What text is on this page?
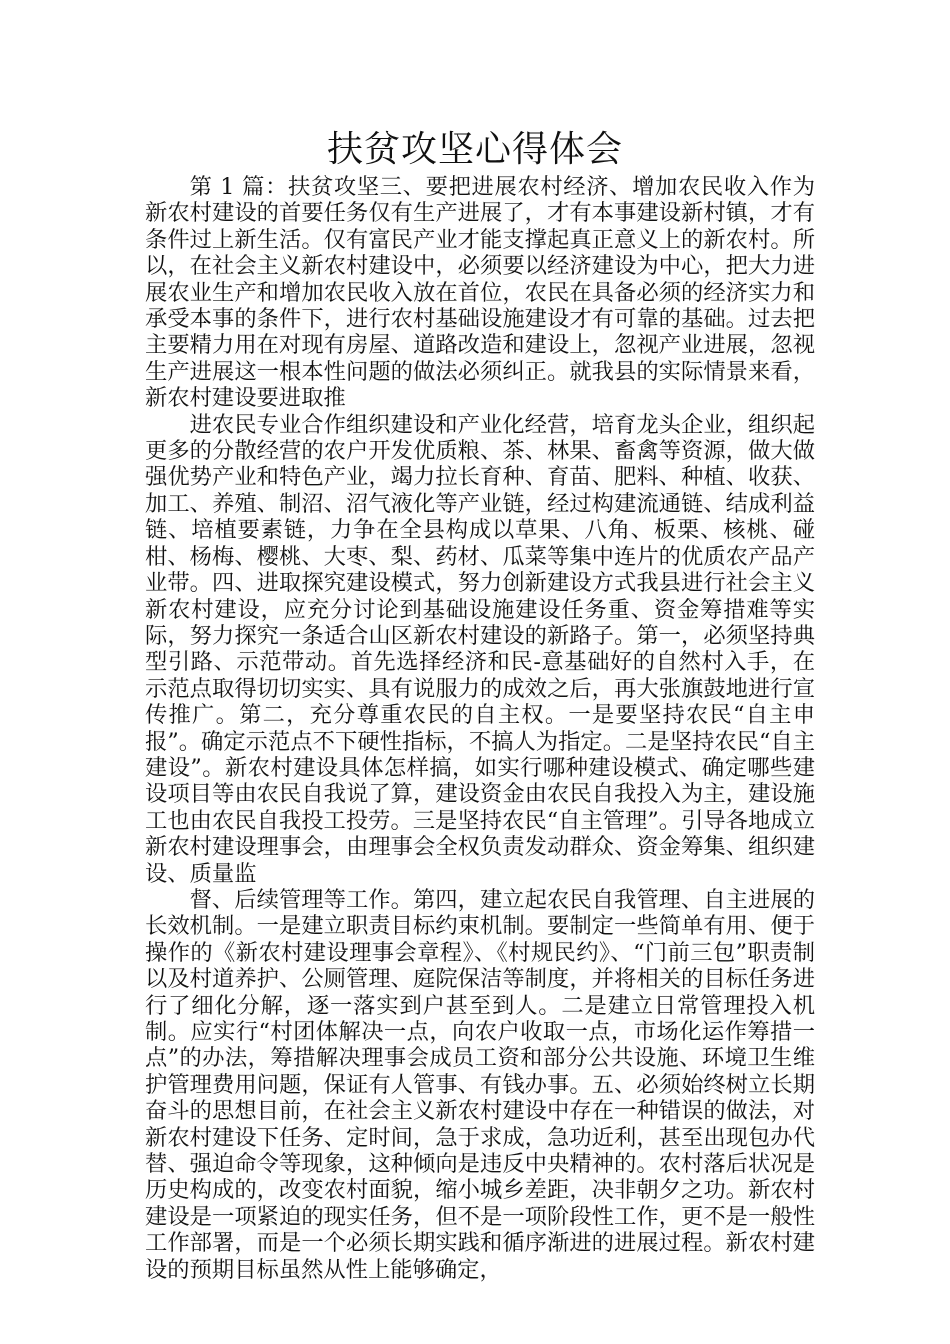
扶贫攻坚心得体会

第 1 篇：扶贫攻坚三、要把进展农村经济、增加农民收入作为新农村建设的首要任务仅有生产进展了，才有本事建设新村镇，才有条件过上新生活。仅有富民产业才能支撑起真正意义上的新农村。所以，在社会主义新农村建设中，必须要以经济建设为中心，把大力进展农业生产和增加农民收入放在首位，农民在具备必须的经济实力和承受本事的条件下，进行农村基础设施建设才有可靠的基础。过去把主要精力用在对现有房屋、道路改造和建设上，忽视产业进展，忽视生产进展这一根本性问题的做法必须纠正。就我县的实际情景来看，新农村建设要进取推

进农民专业合作组织建设和产业化经营，培育龙头企业，组织起更多的分散经营的农户开发优质粮、茶、林果、畜禽等资源，做大做强优势产业和特色产业，竭力拉长育种、育苗、肥料、种植、收获、加工、养殖、制沼、沼气液化等产业链，经过构建流通链、结成利益链、培植要素链，力争在全县构成以草果、八角、板栗、核桃、碰柑、杨梅、樱桃、大枣、梨、药材、瓜菜等集中连片的优质农产品产业带。四、进取探究建设模式，努力创新建设方式我县进行社会主义新农村建设，应充分讨论到基础设施建设任务重、资金筹措难等实际，努力探究一条适合山区新农村建设的新路子。第一，必须坚持典型引路、示范带动。首先选择经济和民-意基础好的自然村入手，在示范点取得切切实实、具有说服力的成效之后，再大张旗鼓地进行宣传推广。第二，充分尊重农民的自主权。一是要坚持农民“自主申报”。确定示范点不下硬性指标，不搞人为指定。二是坚持农民“自主建设”。新农村建设具体怎样搞，如实行哪种建设模式、确定哪些建设项目等由农民自我说了算，建设资金由农民自我投入为主，建设施工也由农民自我投工投劳。三是坚持农民“自主管理”。引导各地成立新农村建设理事会，由理事会全权负责发动群众、资金筹集、组织建设、质量监

督、后续管理等工作。第四，建立起农民自我管理、自主进展的长效机制。一是建立职责目标约束机制。要制定一些简单有用、便于操作的《新农村建设理事会章程》、《村规民约》、“门前三包”职责制以及村道养护、公厕管理、庭院保洁等制度，并将相关的目标任务进行了细化分解，逐一落实到户甚至到人。二是建立日常管理投入机制。应实行“村团体解决一点，向农户收取一点，市场化运作筹措一点”的办法，筹措解决理事会成员工资和部分公共设施、环境卫生维护管理费用问题，保证有人管事、有钱办事。五、必须始终树立长期奋斗的思想目前，在社会主义新农村建设中存在一种错误的做法，对新农村建设下任务、定时间，急于求成，急功近利，甚至出现包办代替、强迫命令等现象，这种倾向是违反中央精神的。农村落后状况是历史构成的，改变农村面貌，缩小城乡差距，决非朝夕之功。新农村建设是一项紧迫的现实任务，但不是一项阶段性工作，更不是一般性工作部署，而是一个必须长期实践和循序渐进的进展过程。新农村建设的预期目标虽然从性上能够确定，
